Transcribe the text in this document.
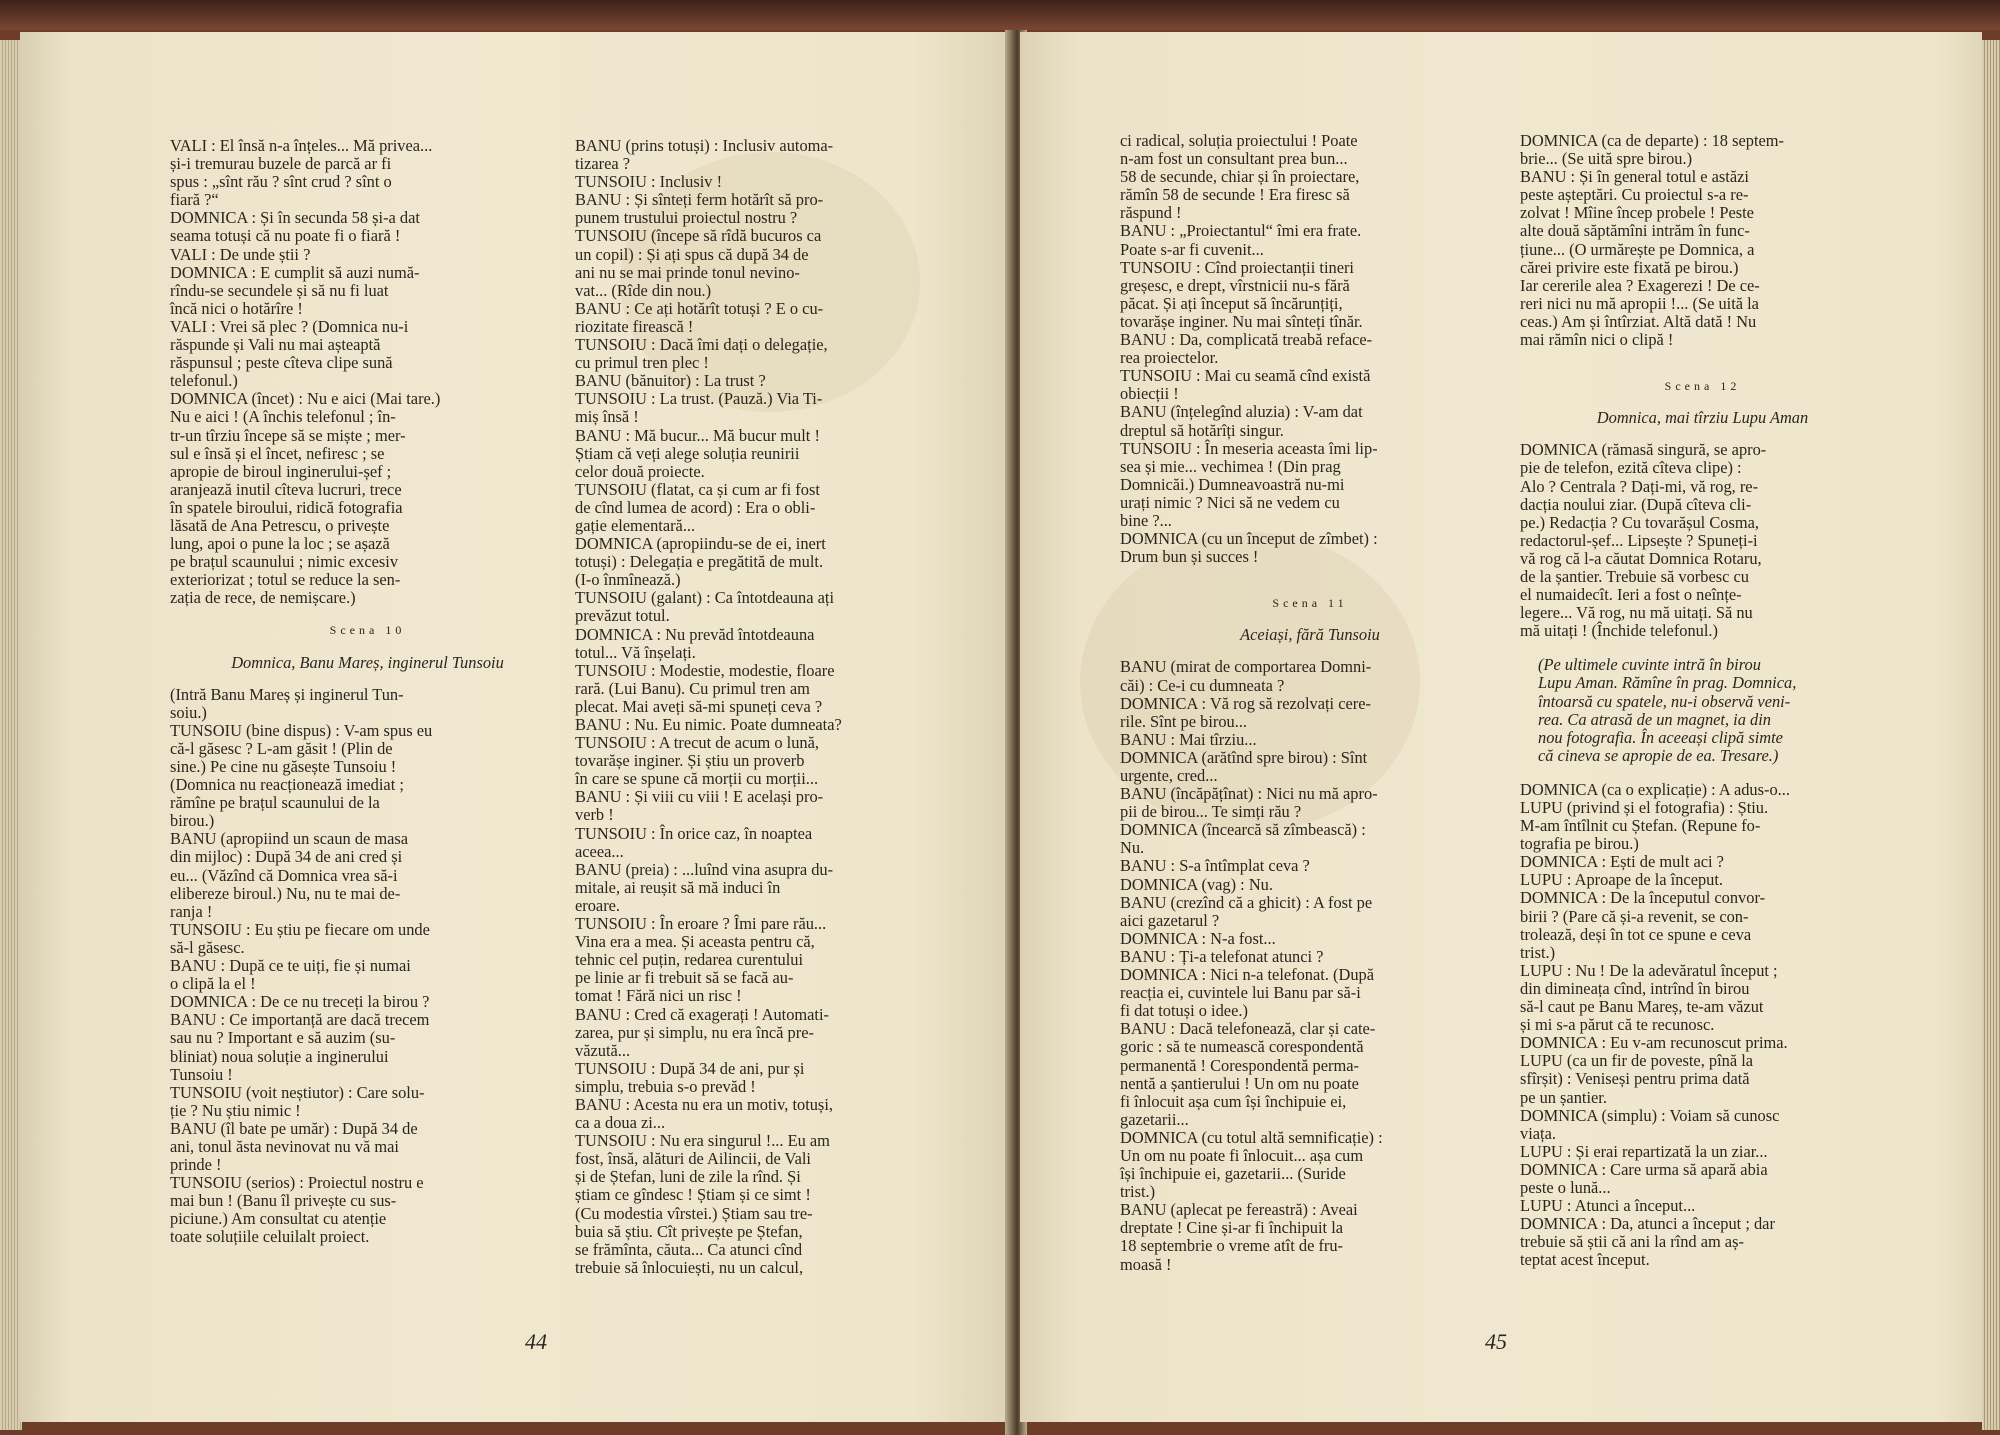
VALI : El însă n-a înțeles... Mă privea...

și-i tremurau buzele de parcă ar fi

spus : „sînt rău ? sînt crud ? sînt o

fiară ?“

DOMNICA : Și în secunda 58 și-a dat

seama totuși că nu poate fi o fiară !

VALI : De unde știi ?

DOMNICA : E cumplit să auzi numă-

rîndu-se secundele și să nu fi luat

încă nici o hotărîre !

VALI : Vrei să plec ? (Domnica nu-i

răspunde și Vali nu mai așteaptă

răspunsul ; peste cîteva clipe sună

telefonul.)

DOMNICA (încet) : Nu e aici (Mai tare.)

Nu e aici ! (A închis telefonul ; în-

tr-un tîrziu începe să se miște ; mer-

sul e însă și el încet, nefiresc ; se

apropie de biroul inginerului-șef ;

aranjează inutil cîteva lucruri, trece

în spatele biroului, ridică fotografia

lăsată de Ana Petrescu, o privește

lung, apoi o pune la loc ; se așază

pe brațul scaunului ; nimic excesiv

exteriorizat ; totul se reduce la sen-

zația de rece, de nemișcare.)

Scena 10
Domnica, Banu Mareș, inginerul Tunsoiu

(Intră Banu Mareș și inginerul Tun-

soiu.)

TUNSOIU (bine dispus) : V-am spus eu

că-l găsesc ? L-am găsit ! (Plin de

sine.) Pe cine nu găsește Tunsoiu !

(Domnica nu reacționează imediat ;

rămîne pe brațul scaunului de la

birou.)

BANU (apropiind un scaun de masa

din mijloc) : După 34 de ani cred și

eu... (Văzînd că Domnica vrea să-i

elibereze biroul.) Nu, nu te mai de-

ranja !

TUNSOIU : Eu știu pe fiecare om unde

să-l găsesc.

BANU : După ce te uiți, fie și numai

o clipă la el !

DOMNICA : De ce nu treceți la birou ?

BANU : Ce importanță are dacă trecem

sau nu ? Important e să auzim (su-

bliniat) noua soluție a inginerului

Tunsoiu !

TUNSOIU (voit neștiutor) : Care solu-

ție ? Nu știu nimic !

BANU (îl bate pe umăr) : După 34 de

ani, tonul ăsta nevinovat nu vă mai

prinde !

TUNSOIU (serios) : Proiectul nostru e

mai bun ! (Banu îl privește cu sus-

piciune.) Am consultat cu atenție

toate soluțiile celuilalt proiect.

BANU (prins totuși) : Inclusiv automa-

tizarea ?

TUNSOIU : Inclusiv !

BANU : Și sînteți ferm hotărît să pro-

punem trustului proiectul nostru ?

TUNSOIU (începe să rîdă bucuros ca

un copil) : Și ați spus că după 34 de

ani nu se mai prinde tonul nevino-

vat... (Rîde din nou.)

BANU : Ce ați hotărît totuși ? E o cu-

riozitate firească !

TUNSOIU : Dacă îmi dați o delegație,

cu primul tren plec !

BANU (bănuitor) : La trust ?

TUNSOIU : La trust. (Pauză.) Via Ti-

miș însă !

BANU : Mă bucur... Mă bucur mult !

Știam că veți alege soluția reunirii

celor două proiecte.

TUNSOIU (flatat, ca și cum ar fi fost

de cînd lumea de acord) : Era o obli-

gație elementară...

DOMNICA (apropiindu-se de ei, inert

totuși) : Delegația e pregătită de mult.

(I-o înmînează.)

TUNSOIU (galant) : Ca întotdeauna ați

prevăzut totul.

DOMNICA : Nu prevăd întotdeauna

totul... Vă înșelați.

TUNSOIU : Modestie, modestie, floare

rară. (Lui Banu). Cu primul tren am

plecat. Mai aveți să-mi spuneți ceva ?

BANU : Nu. Eu nimic. Poate dumneata?

TUNSOIU : A trecut de acum o lună,

tovarășe inginer. Și știu un proverb

în care se spune că morții cu morții...

BANU : Și viii cu viii ! E același pro-

verb !

TUNSOIU : În orice caz, în noaptea

aceea...

BANU (preia) : ...luînd vina asupra du-

mitale, ai reușit să mă induci în

eroare.

TUNSOIU : În eroare ? Îmi pare rău...

Vina era a mea. Și aceasta pentru că,

tehnic cel puțin, redarea curentului

pe linie ar fi trebuit să se facă au-

tomat ! Fără nici un risc !

BANU : Cred că exagerați ! Automati-

zarea, pur și simplu, nu era încă pre-

văzută...

TUNSOIU : După 34 de ani, pur și

simplu, trebuia s-o prevăd !

BANU : Acesta nu era un motiv, totuși,

ca a doua zi...

TUNSOIU : Nu era singurul !... Eu am

fost, însă, alături de Ailincii, de Vali

și de Ștefan, luni de zile la rînd. Și

știam ce gîndesc ! Știam și ce simt !

(Cu modestia vîrstei.) Știam sau tre-

buia să știu. Cît privește pe Ștefan,

se frămînta, căuta... Ca atunci cînd

trebuie să înlocuiești, nu un calcul,

44

ci radical, soluția proiectului ! Poate

n-am fost un consultant prea bun...

58 de secunde, chiar și în proiectare,

rămîn 58 de secunde ! Era firesc să

răspund !

BANU : „Proiectantul“ îmi era frate.

Poate s-ar fi cuvenit...

TUNSOIU : Cînd proiectanții tineri

greșesc, e drept, vîrstnicii nu-s fără

păcat. Și ați început să încărunțiți,

tovarășe inginer. Nu mai sînteți tînăr.

BANU : Da, complicată treabă reface-

rea proiectelor.

TUNSOIU : Mai cu seamă cînd există

obiecții !

BANU (înțelegînd aluzia) : V-am dat

dreptul să hotărîți singur.

TUNSOIU : În meseria aceasta îmi lip-

sea și mie... vechimea ! (Din prag

Domnicăi.) Dumneavoastră nu-mi

urați nimic ? Nici să ne vedem cu

bine ?...

DOMNICA (cu un început de zîmbet) :

Drum bun și succes !

Scena 11
Aceiași, fără Tunsoiu

BANU (mirat de comportarea Domni-

căi) : Ce-i cu dumneata ?

DOMNICA : Vă rog să rezolvați cere-

rile. Sînt pe birou...

BANU : Mai tîrziu...

DOMNICA (arătînd spre birou) : Sînt

urgente, cred...

BANU (încăpățînat) : Nici nu mă apro-

pii de birou... Te simți rău ?

DOMNICA (încearcă să zîmbească) :

Nu.

BANU : S-a întîmplat ceva ?

DOMNICA (vag) : Nu.

BANU (crezînd că a ghicit) : A fost pe

aici gazetarul ?

DOMNICA : N-a fost...

BANU : Ți-a telefonat atunci ?

DOMNICA : Nici n-a telefonat. (După

reacția ei, cuvintele lui Banu par să-i

fi dat totuși o idee.)

BANU : Dacă telefonează, clar și cate-

goric : să te numească corespondentă

permanentă ! Corespondentă perma-

nentă a șantierului ! Un om nu poate

fi înlocuit așa cum își închipuie ei,

gazetarii...

DOMNICA (cu totul altă semnificație) :

Un om nu poate fi înlocuit... așa cum

își închipuie ei, gazetarii... (Suride

trist.)

BANU (aplecat pe fereastră) : Aveai

dreptate ! Cine și-ar fi închipuit la

18 septembrie o vreme atît de fru-

moasă !

DOMNICA (ca de departe) : 18 septem-

brie... (Se uită spre birou.)

BANU : Și în general totul e astăzi

peste așteptări. Cu proiectul s-a re-

zolvat ! Mîine încep probele ! Peste

alte două săptămîni intrăm în func-

țiune... (O urmărește pe Domnica, a

cărei privire este fixată pe birou.)

Iar cererile alea ? Exagerezi ! De ce-

reri nici nu mă apropii !... (Se uită la

ceas.) Am și întîrziat. Altă dată ! Nu

mai rămîn nici o clipă !

Scena 12
Domnica, mai tîrziu Lupu Aman

DOMNICA (rămasă singură, se apro-

pie de telefon, ezită cîteva clipe) :

Alo ? Centrala ? Dați-mi, vă rog, re-

dacția noului ziar. (După cîteva cli-

pe.) Redacția ? Cu tovarășul Cosma,

redactorul-șef... Lipsește ? Spuneți-i

vă rog că l-a căutat Domnica Rotaru,

de la șantier. Trebuie să vorbesc cu

el numaidecît. Ieri a fost o neînțe-

legere... Vă rog, nu mă uitați. Să nu

mă uitați ! (Închide telefonul.)

(Pe ultimele cuvinte intră în birou

Lupu Aman. Rămîne în prag. Domnica,

întoarsă cu spatele, nu-i observă veni-

rea. Ca atrasă de un magnet, ia din

nou fotografia. În aceeași clipă simte

că cineva se apropie de ea. Tresare.)

DOMNICA (ca o explicație) : A adus-o...

LUPU (privind și el fotografia) : Știu.

M-am întîlnit cu Ștefan. (Repune fo-

tografia pe birou.)

DOMNICA : Ești de mult aci ?

LUPU : Aproape de la început.

DOMNICA : De la începutul convor-

birii ? (Pare că și-a revenit, se con-

trolează, deși în tot ce spune e ceva

trist.)

LUPU : Nu ! De la adevăratul început ;

din dimineața cînd, intrînd în birou

să-l caut pe Banu Mareș, te-am văzut

și mi s-a părut că te recunosc.

DOMNICA : Eu v-am recunoscut prima.

LUPU (ca un fir de poveste, pînă la

sfîrșit) : Veniseși pentru prima dată

pe un șantier.

DOMNICA (simplu) : Voiam să cunosc

viața.

LUPU : Și erai repartizată la un ziar...

DOMNICA : Care urma să apară abia

peste o lună...

LUPU : Atunci a început...

DOMNICA : Da, atunci a început ; dar

trebuie să știi că ani la rînd am aș-

teptat acest început.

45
